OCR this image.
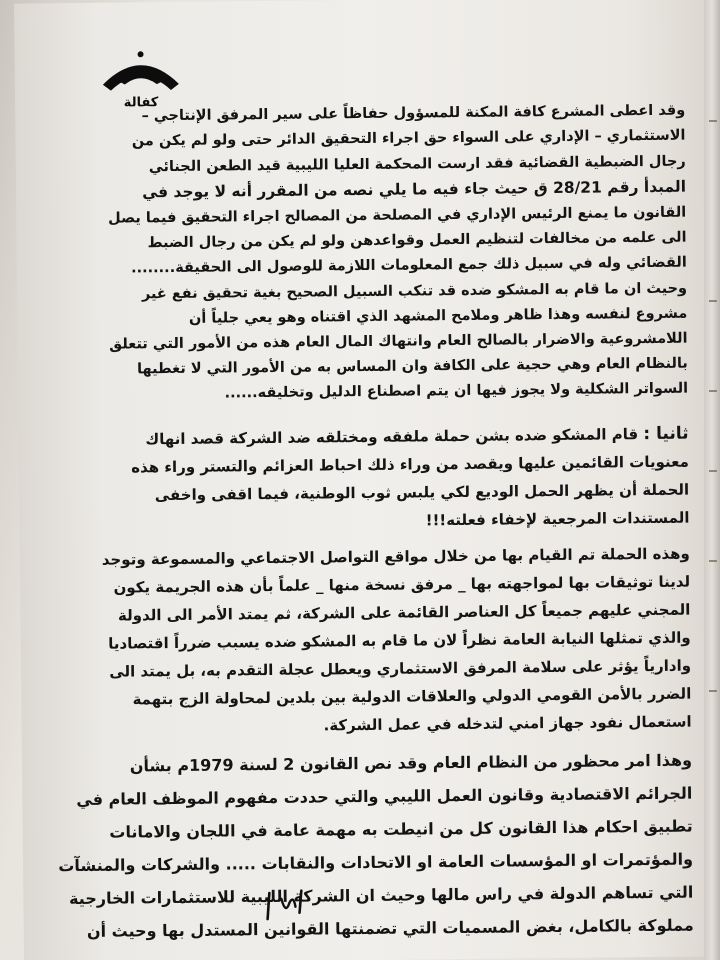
كفالة
وقد اعطى المشرع كافة المكنة للمسؤول حفاظاً على سير المرفق الإنتاجي –
الاستثماري – الإداري على السواء حق اجراء التحقيق الدائر حتى ولو لم يكن من
رجال الضبطية القضائية فقد ارست المحكمة العليا الليبية قيد الطعن الجنائي
المبدأ رقم 28/21 ق حيث جاء فيه ما يلي نصه من المقرر أنه لا يوجد في
القانون ما يمنع الرئيس الإداري في المصلحة من المصالح اجراء التحقيق فيما يصل
الى علمه من مخالفات لتنظيم العمل وقواعدهن ولو لم يكن من رجال الضبط
القضائي وله في سبيل ذلك جمع المعلومات اللازمة للوصول الى الحقيقة........
وحيث ان ما قام به المشكو ضده قد تنكب السبيل الصحيح بغية تحقيق نفع غير
مشروع لنفسه وهذا ظاهر وملامح المشهد الذي اقتناه وهو يعي جلياً أن
اللامشروعية والاضرار بالصالح العام وانتهاك المال العام هذه من الأمور التي تتعلق
بالنظام العام وهي حجية على الكافة وان المساس به من الأمور التي لا تغطيها
السواتر الشكلية ولا يجوز فيها ان يتم اصطناع الدليل وتخليقه......
ثانيا : قام المشكو ضده بشن حملة ملفقه ومختلقه ضد الشركة قصد انهاك
معنويات القائمين عليها ويقصد من وراء ذلك احباط العزائم والتستر وراء هذه
الحملة أن يظهر الحمل الوديع لكي يلبس ثوب الوطنية، فيما اقفى واخفى
المستندات المرجعية لإخفاء فعلته!!!
وهذه الحملة تم القيام بها من خلال مواقع التواصل الاجتماعي والمسموعة وتوجد
لدينا توثيقات بها لمواجهته بها _ مرفق نسخة منها _ علماً بأن هذه الجريمة يكون
المجني عليهم جميعاً كل العناصر القائمة على الشركة، ثم يمتد الأمر الى الدولة
والذي تمثلها النيابة العامة نظراً لان ما قام به المشكو ضده يسبب ضرراً اقتصاديا
وادارياً يؤثر على سلامة المرفق الاستثماري ويعطل عجلة التقدم به، بل يمتد الى
الضرر بالأمن القومي الدولي والعلاقات الدولية بين بلدين لمحاولة الزج بتهمة
استعمال نفود جهاز امني لتدخله في عمل الشركة.
وهذا امر محظور من النظام العام وقد نص القانون 2 لسنة 1979م بشأن
الجرائم الاقتصادية وقانون العمل الليبي والتي حددت مفهوم الموظف العام في
تطبيق احكام هذا القانون كل من انيطت به مهمة عامة في اللجان والامانات
والمؤتمرات او المؤسسات العامة او الاتحادات والنقابات ..... والشركات والمنشآت
التي تساهم الدولة في راس مالها وحيث ان الشركة الليبية للاستثمارات الخارجية
مملوكة بالكامل، بغض المسميات التي تضمنتها القوانين المستدل بها وحيث أن
